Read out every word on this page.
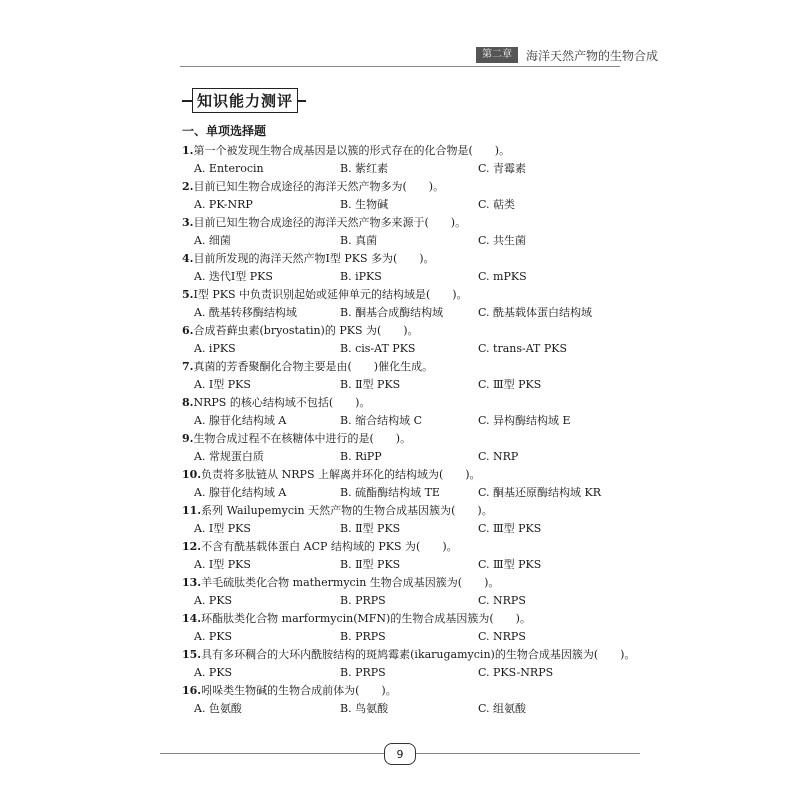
第二章	海洋天然产物的生物合成
知识能力测评
一、单项选择题
1.第一个被发现生物合成基因是以簇的形式存在的化合物是(　　)。
A. Enterocin	B. 紫红素	C. 青霉素
2.目前已知生物合成途径的海洋天然产物多为(　　)。
A. PK-NRP	B. 生物碱	C. 萜类
3.目前已知生物合成途径的海洋天然产物多来源于(　　)。
A. 细菌	B. 真菌	C. 共生菌
4.目前所发现的海洋天然产物Ⅰ型 PKS 多为(　　)。
A. 迭代Ⅰ型 PKS	B. iPKS	C. mPKS
5.Ⅰ型 PKS 中负责识别起始或延伸单元的结构域是(　　)。
A. 酰基转移酶结构域	B. 酮基合成酶结构域	C. 酰基载体蛋白结构域
6.合成苔藓虫素(bryostatin)的 PKS 为(　　)。
A. iPKS	B. cis-AT PKS	C. trans-AT PKS
7.真菌的芳香聚酮化合物主要是由(　　)催化生成。
A. Ⅰ型 PKS	B. Ⅱ型 PKS	C. Ⅲ型 PKS
8.NRPS 的核心结构域不包括(　　)。
A. 腺苷化结构域 A	B. 缩合结构域 C	C. 异构酶结构域 E
9.生物合成过程不在核糖体中进行的是(　　)。
A. 常规蛋白质	B. RiPP	C. NRP
10.负责将多肽链从 NRPS 上解离并环化的结构域为(　　)。
A. 腺苷化结构域 A	B. 硫酯酶结构域 TE	C. 酮基还原酶结构域 KR
11.系列 Wailupemycin 天然产物的生物合成基因簇为(　　)。
A. Ⅰ型 PKS	B. Ⅱ型 PKS	C. Ⅲ型 PKS
12.不含有酰基载体蛋白 ACP 结构域的 PKS 为(　　)。
A. Ⅰ型 PKS	B. Ⅱ型 PKS	C. Ⅲ型 PKS
13.羊毛硫肽类化合物 mathermycin 生物合成基因簇为(　　)。
A. PKS	B. PRPS	C. NRPS
14.环酯肽类化合物 marformycin(MFN)的生物合成基因簇为(　　)。
A. PKS	B. PRPS	C. NRPS
15.具有多环稠合的大环内酰胺结构的斑鸠霉素(ikarugamycin)的生物合成基因簇为(　　)。
A. PKS	B. PRPS	C. PKS-NRPS
16.吲哚类生物碱的生物合成前体为(　　)。
A. 色氨酸	B. 鸟氨酸	C. 组氨酸
9
